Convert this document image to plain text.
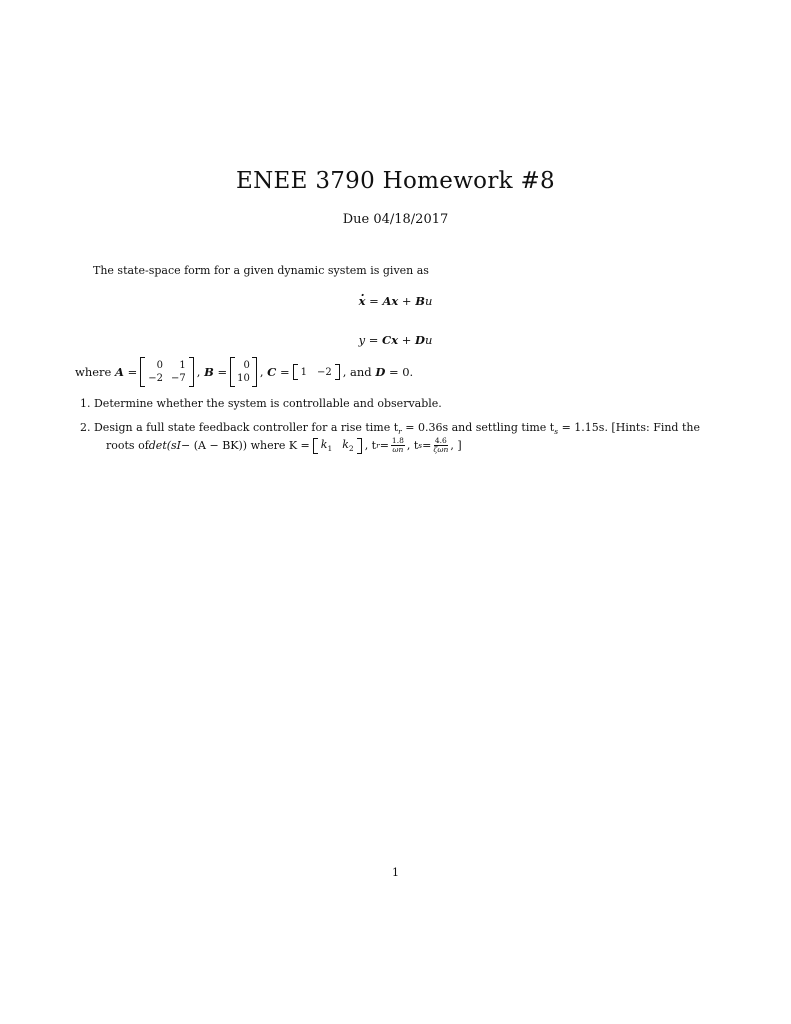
ENEE 3790 Homework #8
Due 04/18/2017
The state-space form for a given dynamic system is given as
. x = Ax + Bu
y = Cx + Du
where
A
=	0	1
−2 −7 ,
B
=	0
10 ,
C
= 1 −2 , and
D
= 0.
1. Determine whether the system is controllable and observable.
2. Design a full state feedback controller for a rise time $t_r = 0.36s$ and settling time $t_s = 1.15s$. [Hints: Find the
roots of det(sI − (A − BK)) where $K = k_1$ $k_2$ , t $r = \frac{1.8}{\omega n}$ , t $s = \frac{4.6}{\text{ζωn}}$ , ]
1
